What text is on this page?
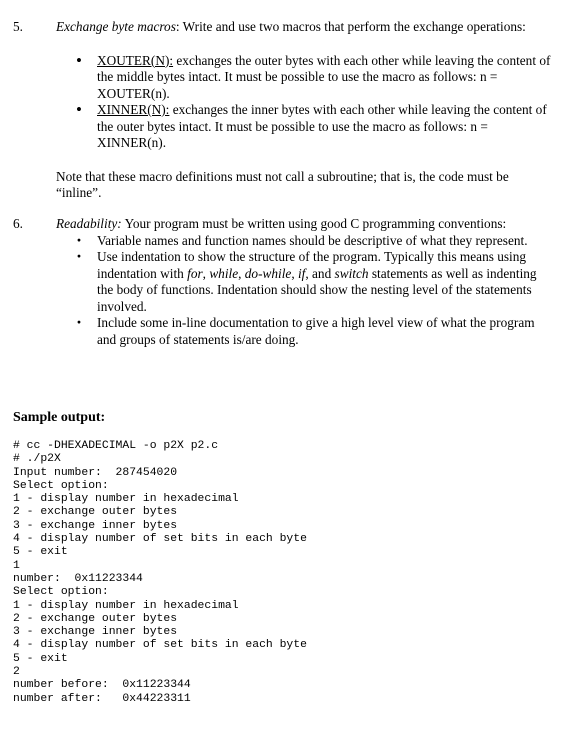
5. Exchange byte macros: Write and use two macros that perform the exchange operations:

•
XOUTER(N): exchanges the outer bytes with each other while leaving the content of the middle bytes intact. It must be possible to use the macro as follows: n = XOUTER(n).
•
XINNER(N): exchanges the inner bytes with each other while leaving the content of the outer bytes intact. It must be possible to use the macro as follows: n = XINNER(n).

Note that these macro definitions must not call a subroutine; that is, the code must be “inline”.

6. Readability: Your program must be written using good C programming conventions:

·
Variable names and function names should be descriptive of what they represent.
·
Use indentation to show the structure of the program. Typically this means using indentation with for, while, do-while, if, and switch statements as well as indenting the body of functions. Indentation should show the nesting level of the statements involved.
·
Include some in-line documentation to give a high level view of what the program and groups of statements is/are doing.
Sample output:
# cc -DHEXADECIMAL -o p2X p2.c
# ./p2X
Input number:  287454020
Select option:
1 - display number in hexadecimal
2 - exchange outer bytes
3 - exchange inner bytes
4 - display number of set bits in each byte
5 - exit
1
number:  0x11223344
Select option:
1 - display number in hexadecimal
2 - exchange outer bytes
3 - exchange inner bytes
4 - display number of set bits in each byte
5 - exit
2
number before:  0x11223344
number after:   0x44223311
